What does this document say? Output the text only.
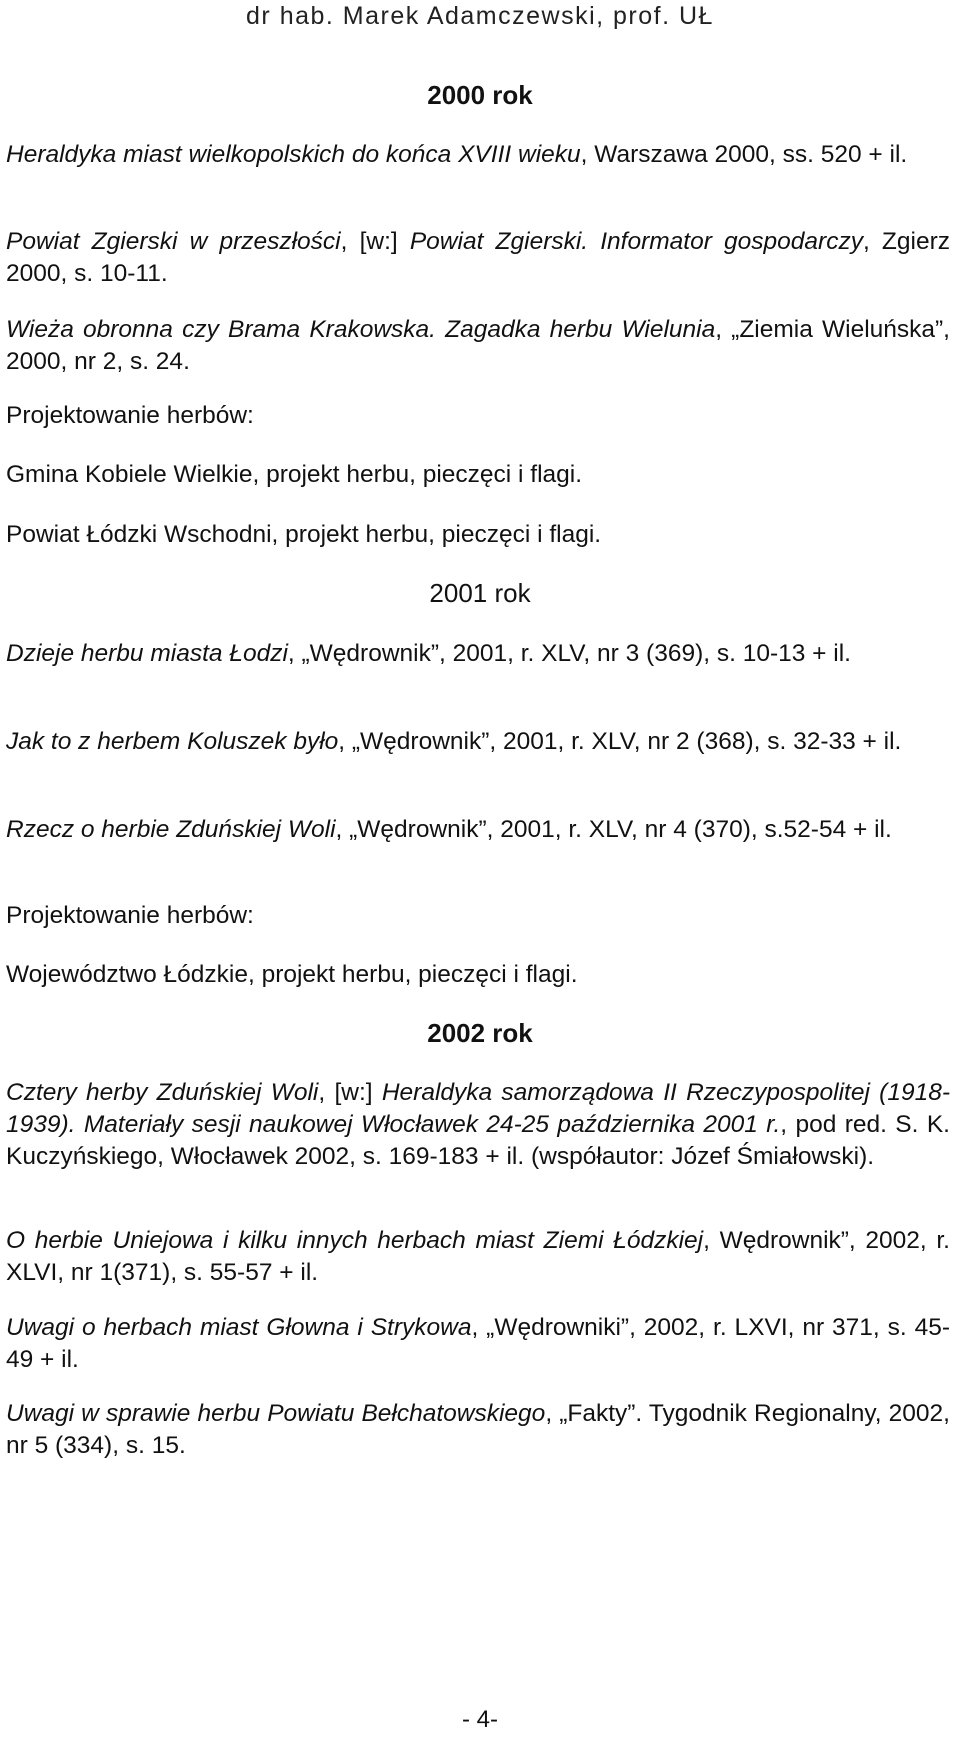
dr hab. Marek Adamczewski, prof. UŁ
2000 rok
Heraldyka miast wielkopolskich do końca XVIII wieku, Warszawa 2000, ss. 520 + il.
Powiat Zgierski w przeszłości, [w:] Powiat Zgierski. Informator gospodarczy, Zgierz 2000, s. 10-11.
Wieża obronna czy Brama Krakowska. Zagadka herbu Wielunia, „Ziemia Wieluńska”, 2000, nr 2, s. 24.
Projektowanie herbów:
Gmina Kobiele Wielkie, projekt herbu, pieczęci i flagi.
Powiat Łódzki Wschodni, projekt herbu, pieczęci i flagi.
2001 rok
Dzieje herbu miasta Łodzi, „Wędrownik”, 2001, r. XLV, nr 3 (369), s. 10-13 + il.
Jak to z herbem Koluszek było, „Wędrownik”, 2001, r. XLV, nr 2 (368), s. 32-33 + il.
Rzecz o herbie Zduńskiej Woli, „Wędrownik”, 2001, r. XLV, nr 4 (370), s.52-54 + il.
Projektowanie herbów:
Województwo Łódzkie, projekt herbu, pieczęci i flagi.
2002 rok
Cztery herby Zduńskiej Woli, [w:] Heraldyka samorządowa II Rzeczypospolitej (1918-1939). Materiały sesji naukowej Włocławek 24-25 października 2001 r., pod red. S. K. Kuczyńskiego, Włocławek 2002, s. 169-183 + il. (współautor: Józef Śmiałowski).
O herbie Uniejowa i kilku innych herbach miast Ziemi Łódzkiej, Wędrownik”, 2002, r. XLVI, nr 1(371), s. 55-57 + il.
Uwagi o herbach miast Głowna i Strykowa, „Wędrowniki”, 2002, r. LXVI, nr 371, s. 45-49 + il.
Uwagi w sprawie herbu Powiatu Bełchatowskiego, „Fakty”. Tygodnik Regionalny, 2002, nr 5 (334), s. 15.
- 4-
